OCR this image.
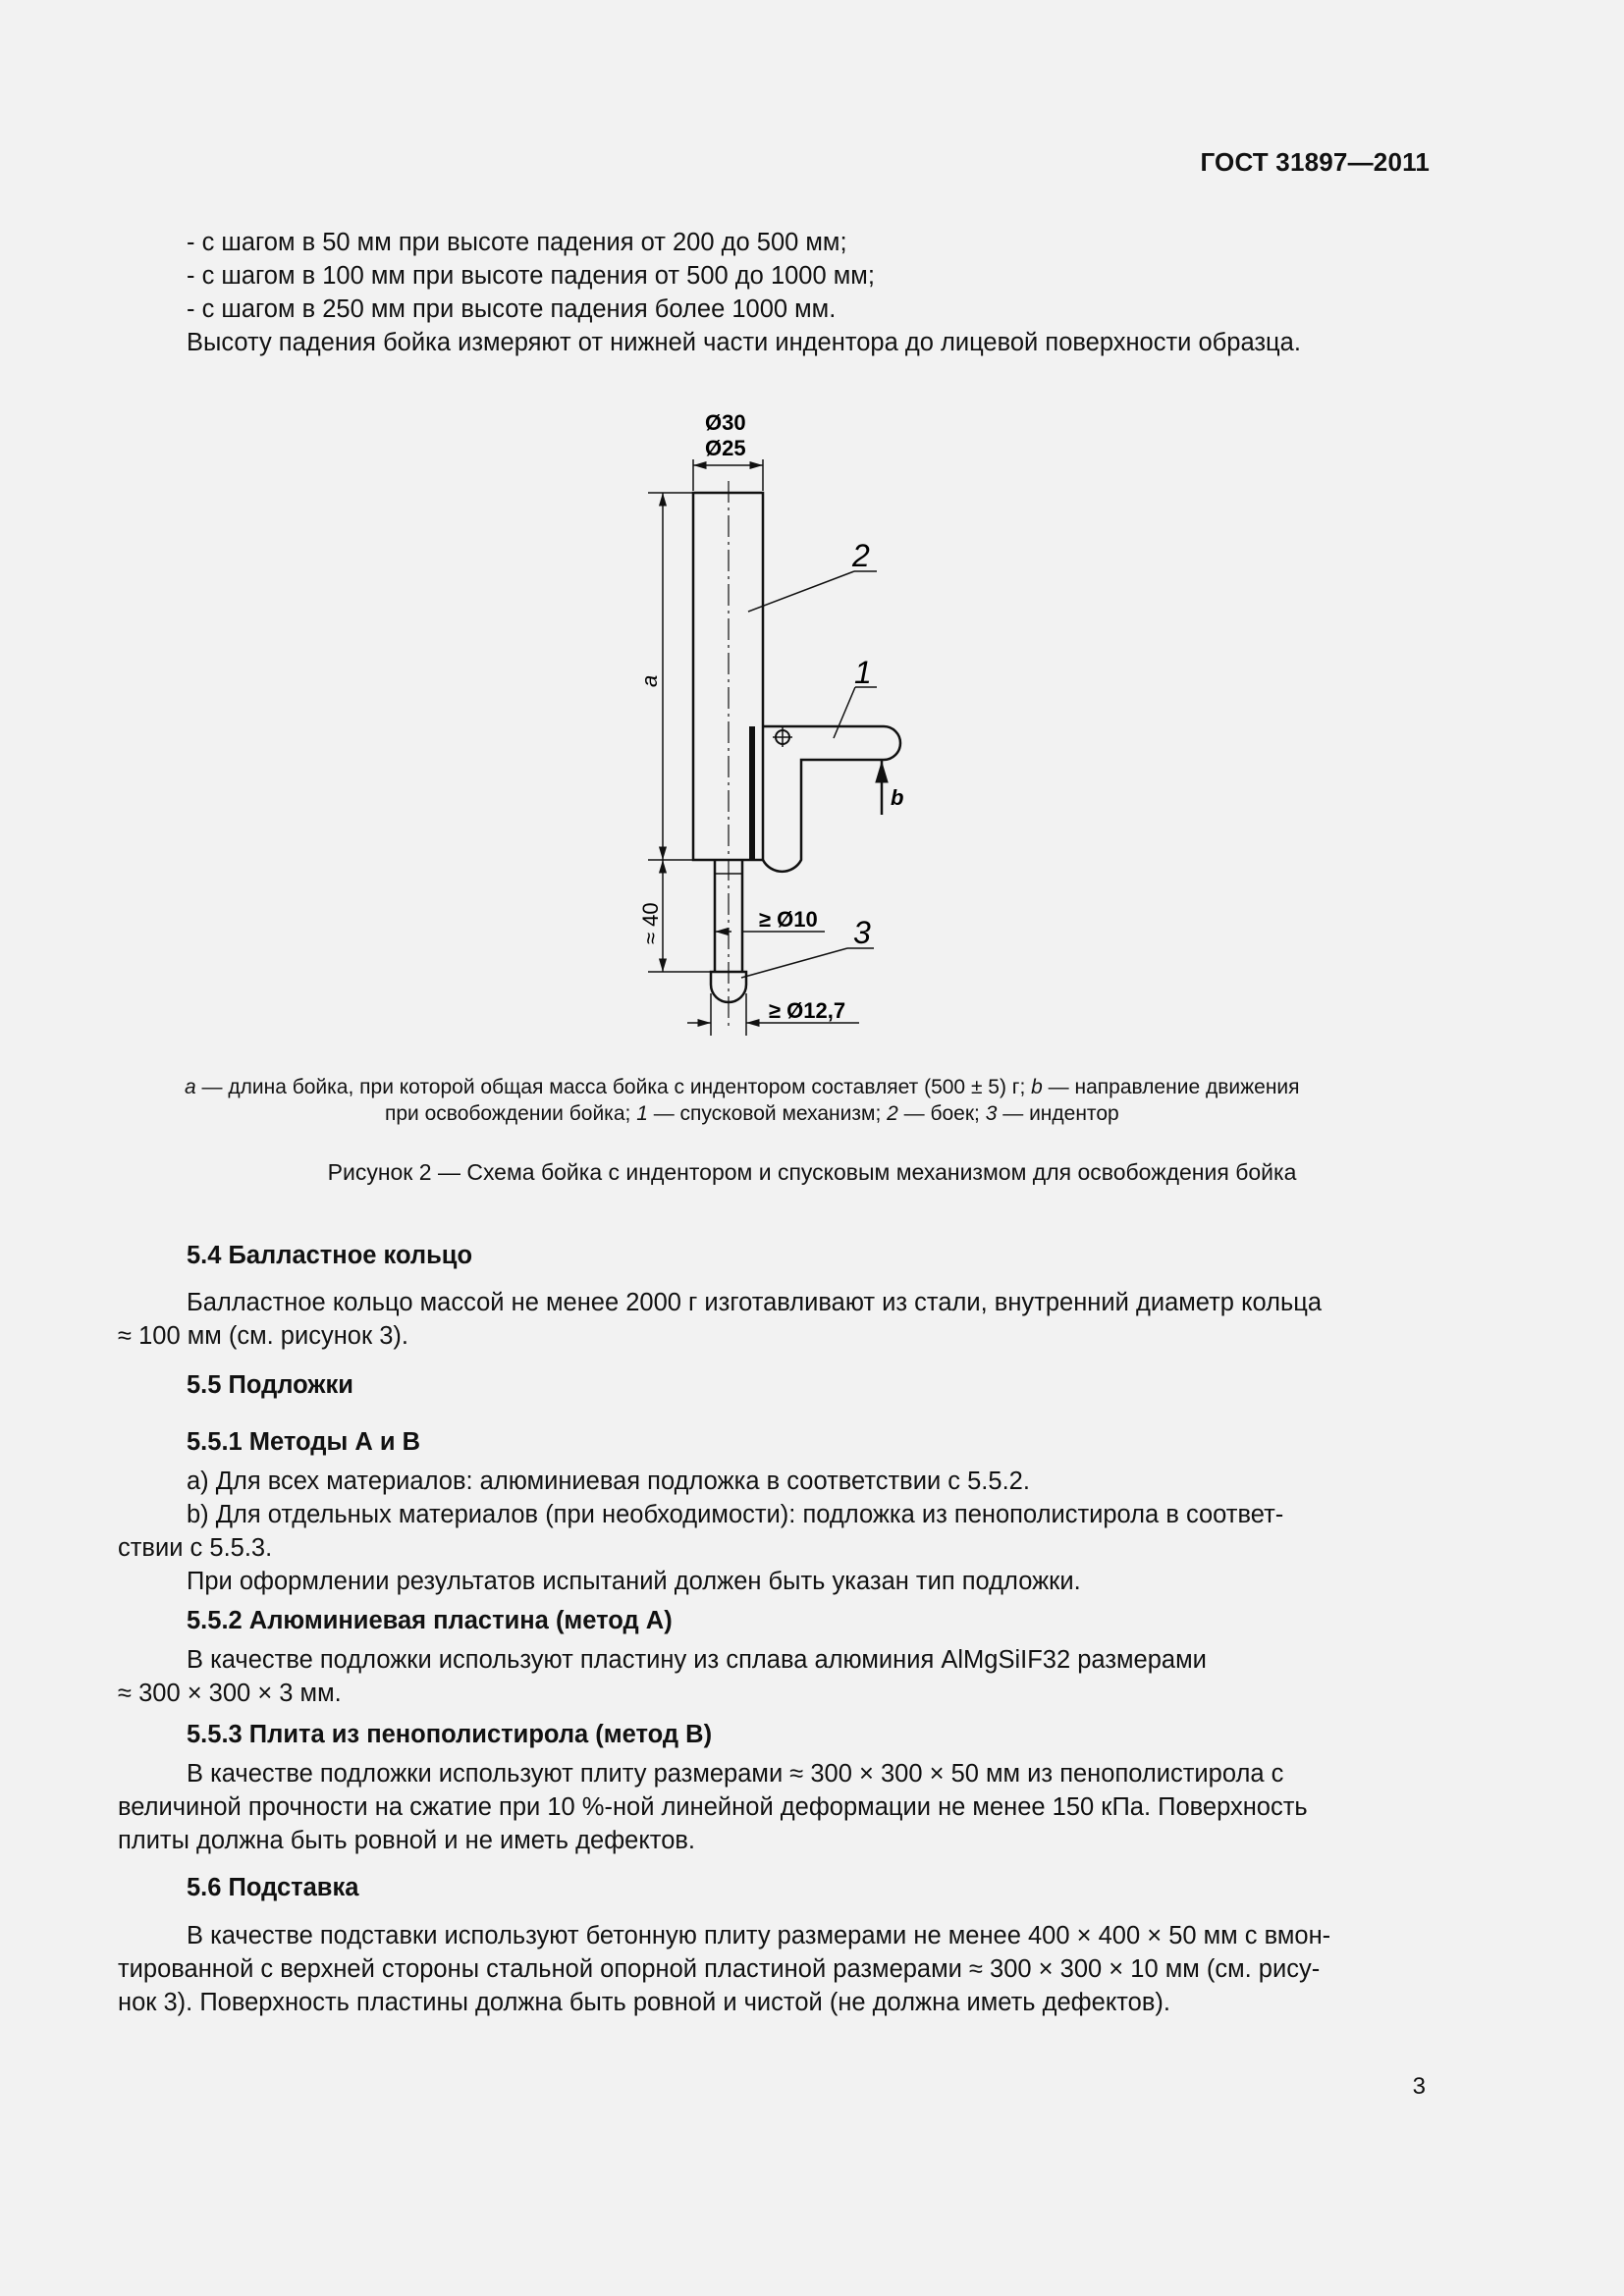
ГОСТ 31897—2011
- с шагом в 50 мм при высоте падения от 200 до 500 мм;
- с шагом в 100 мм при высоте падения от 500 до 1000 мм;
- с шагом в 250 мм при высоте падения более 1000 мм.
Высоту падения бойка измеряют от нижней части индентора до лицевой поверхности образца.
Ø30
Ø25
a
≈ 40	≥ Ø10
≥ Ø12,7
b
2
1
3
a — длина бойка, при которой общая масса бойка с индентором составляет (500 ± 5) г; b — направление движения
при освобождении бойка; 1 — спусковой механизм; 2 — боек; 3 — индентор
Рисунок 2 — Схема бойка с индентором и спусковым механизмом для освобождения бойка
5.4 Балластное кольцо
Балластное кольцо массой не менее 2000 г изготавливают из стали, внутренний диаметр кольца
≈ 100 мм (см. рисунок 3).
5.5 Подложки
5.5.1 Методы А и В
a) Для всех материалов: алюминиевая подложка в соответствии с 5.5.2.
b) Для отдельных материалов (при необходимости): подложка из пенополистирола в соответ-
ствии с 5.5.3.
При оформлении результатов испытаний должен быть указан тип подложки.
5.5.2 Алюминиевая пластина (метод А)
В качестве подложки используют пластину из сплава алюминия AlMgSiIF32 размерами
≈ 300 × 300 × 3 мм.
5.5.3 Плита из пенополистирола (метод В)
В качестве подложки используют плиту размерами ≈ 300 × 300 × 50 мм из пенополистирола с
величиной прочности на сжатие при 10 %-ной линейной деформации не менее 150 кПа. Поверхность
плиты должна быть ровной и не иметь дефектов.
5.6 Подставка
В качестве подставки используют бетонную плиту размерами не менее 400 × 400 × 50 мм с вмон-
тированной с верхней стороны стальной опорной пластиной размерами ≈ 300 × 300 × 10 мм (см. рису-
нок 3). Поверхность пластины должна быть ровной и чистой (не должна иметь дефектов).
3
